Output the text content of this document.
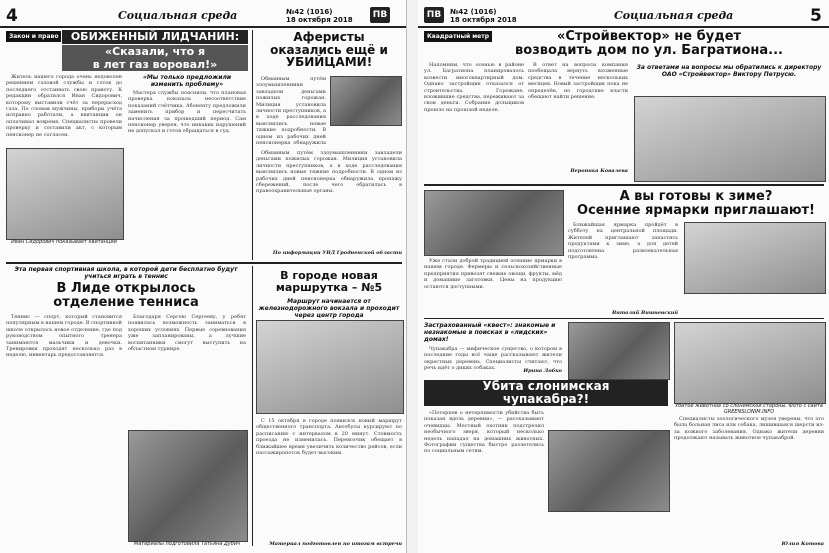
4	Социальная среда	№42 (1016)
18 октября 2018	ПВ
Закон и право	ОБИЖЕННЫЙ ЛИДЧАНИН:
«Сказали, что я
в лет газ воровал!»

Житель нашего города очень недоволен решением газовой службы и готов до последнего отстаивать свою правоту. К редакции обратился Иван Сидорович, которому выставили счёт за перерасход газа. По словам мужчины, приборы учёта исправно работали, а квитанции он оплачивал вовремя. Специалисты провели проверку и составили акт, с которым пенсионер не согласен.

«Мы только предложили изменить проблему»

Мастера службы пояснили, что плановая проверка показала несоответствие показаний счётчика. Абоненту предложили заменить прибор и пересчитать начисления за прошедший период. Сам пенсионер уверен, что никаких нарушений не допускал и готов обращаться в суд.

Иван Сидорович показывает квитанции
Аферисты
оказались ещё и
УБИЙЦАМИ!

Обманным путём злоумышленники завладели деньгами пожилых горожан. Милиция установила личности преступников, а в ходе расследования выяснились новые тяжкие подробности. В одном из рабочих дней пенсионерка обнаружила

Обманным путём злоумышленники завладели деньгами пожилых горожан. Милиция установила личности преступников, а в ходе расследования выяснились новые тяжкие подробности. В одном из рабочих дней пенсионерка обнаружила пропажу сбережений, после чего обратилась в правоохранительные органы.

По информации УВД Гродненской области
Эта первая спортивная школа, в которой дети бесплатно будут учиться играть в теннис
В Лиде открылось
отделение тенниса

Теннис — спорт, который становится популярным в нашем городе. В спортивной школе открылось новое отделение, где под руководством опытного тренера занимаются мальчики и девочки. Тренировки проходят несколько раз в неделю, инвентарь предоставляется.

Благодаря Сергею Сергееву, у ребят появилась возможность заниматься в хороших условиях. Первые соревнования уже запланированы, а лучшие воспитанники смогут выступить на областном турнире.

Материалы подготовила Татьяна Дубич
В городе новая
маршрутка – №5
Маршрут начинается от железнодорожного вокзала и проходит через центр города

С 15 октября в городе появился новый маршрут общественного транспорта. Автобусы курсируют по расписанию с интервалом в 20 минут. Стоимость проезда не изменилась. Перевозчик обещает в ближайшее время увеличить количество рейсов, если пассажиропоток будет высоким.

Материал подготовлен по итогам встречи
ПВ	№42 (1016)
18 октября 2018	Социальная среда	5
Квадратный метр	«Стройвектор» не будет
возводить дом по ул. Багратиона...

Напомним, что осенью в районе ул. Багратиона планировалось возвести многоквартирный дом. Однако застройщик отказался от строительства. Горожане, вложившие средства, переживают за свои деньги. Собрание дольщиков прошло на прошлой неделе.

В ответ на вопросы компания пообещала вернуть вложенные средства в течение нескольких месяцев. Новый застройщик пока не определён, но городские власти обещают найти решение.

Вероника Ковалева
За ответами на вопросы мы обратились к директору ОАО «Стройвектор» Виктору Петрусю.
А вы готовы к зиме?
Осенние ярмарки приглашают!

Уже стали доброй традицией осенние ярмарки в нашем городе. Фермеры и сельскохозяйственные предприятия привозят свежие овощи, фрукты, мёд и домашние заготовки. Цены на продукцию остаются доступными.

Ближайшая ярмарка пройдёт в субботу на центральной площади. Жителей приглашают запастись продуктами к зиме, а для детей подготовлена развлекательная программа.

Виталий Вишневский
Застрахованный «квест»: знакомые и незнакомые в поисках в «лидских» домах!

Чупакабра — мифическое существо, о котором в последние годы всё чаще рассказывают жители окрестных деревень. Специалисты считают, что речь идёт о диких собаках.	Ирина Лобко
Убита слонимская
чупакабра?!	Убитое животное со слонимской стороны. Фото с сайта GREENSLONIM.INFO

«Потерпев о нетерпимости убийства быть показан вдоль деревни», — рассказывают очевидцы. Местный охотник подстрелил необычного зверя, который несколько недель нападал на домашних животных. Фотографии существа быстро разлетелись по социальным сетям.

Специалисты зоологического музея уверены, что это была больная лиса или собака, лишившаяся шерсти из-за кожного заболевания. Однако жители деревни продолжают называть животное чупакаброй.

Юлия Котова
